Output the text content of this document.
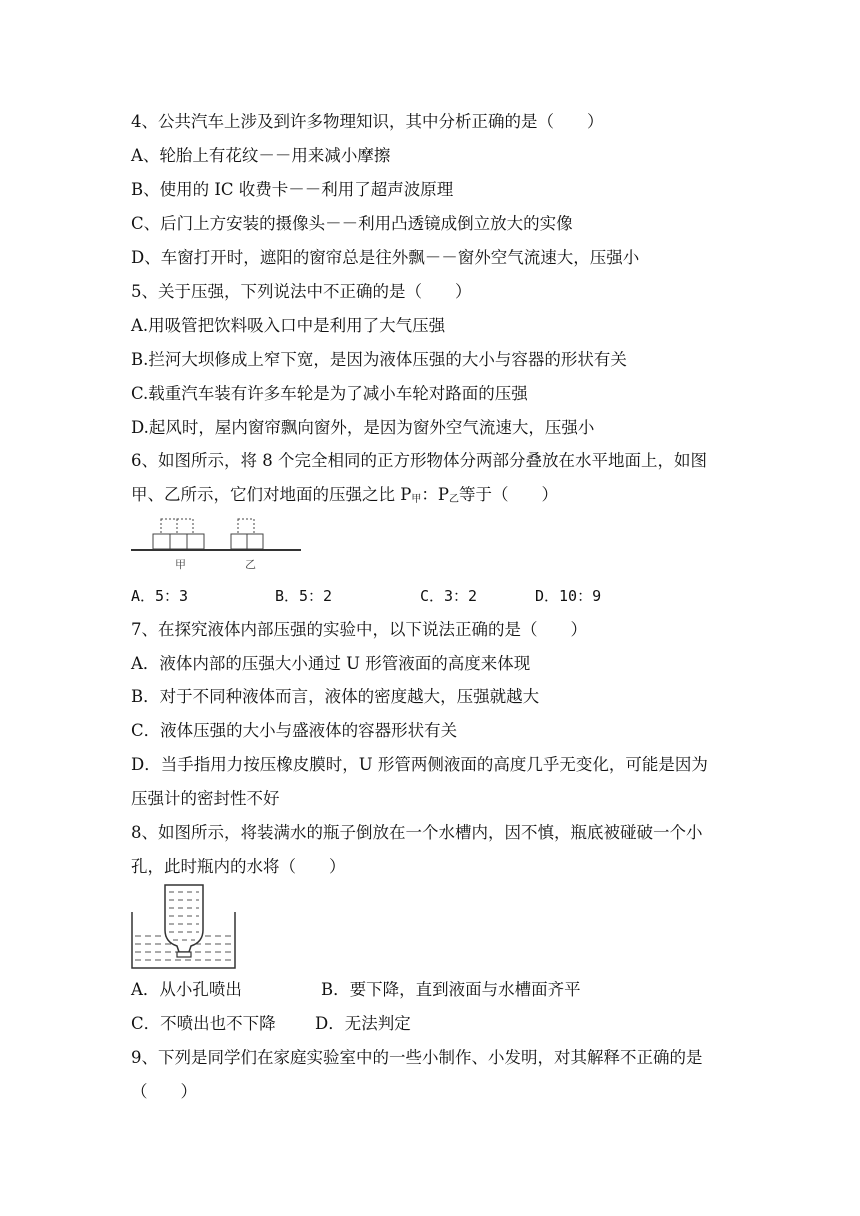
4、公共汽车上涉及到许多物理知识，其中分析正确的是（　　）
A、轮胎上有花纹－－用来减小摩擦
B、使用的 IC 收费卡－－利用了超声波原理
C、后门上方安装的摄像头－－利用凸透镜成倒立放大的实像
D、车窗打开时，遮阳的窗帘总是往外飘－－窗外空气流速大，压强小
5、关于压强，下列说法中不正确的是（　　）
A.用吸管把饮料吸入口中是利用了大气压强
B.拦河大坝修成上窄下宽，是因为液体压强的大小与容器的形状有关
C.载重汽车装有许多车轮是为了减小车轮对路面的压强
D.起风时，屋内窗帘飘向窗外，是因为窗外空气流速大，压强小
6、如图所示，将 8 个完全相同的正方形物体分两部分叠放在水平地面上，如图
甲、乙所示，它们对地面的压强之比 $P_甲$：$P_乙$等于（　　）
甲	乙
A．5：3	B．5：2	C．3：2	D．10：9
7、在探究液体内部压强的实验中，以下说法正确的是（　　）
A．液体内部的压强大小通过 U 形管液面的高度来体现
B．对于不同种液体而言，液体的密度越大，压强就越大
C．液体压强的大小与盛液体的容器形状有关
D．当手指用力按压橡皮膜时，U 形管两侧液面的高度几乎无变化，可能是因为
压强计的密封性不好
8、如图所示，将装满水的瓶子倒放在一个水槽内，因不慎，瓶底被碰破一个小
孔，此时瓶内的水将（　　）
A．从小孔喷出	B．要下降，直到液面与水槽面齐平
C．不喷出也不下降 D．无法判定
9、下列是同学们在家庭实验室中的一些小制作、小发明，对其解释不正确的是
（　　）
